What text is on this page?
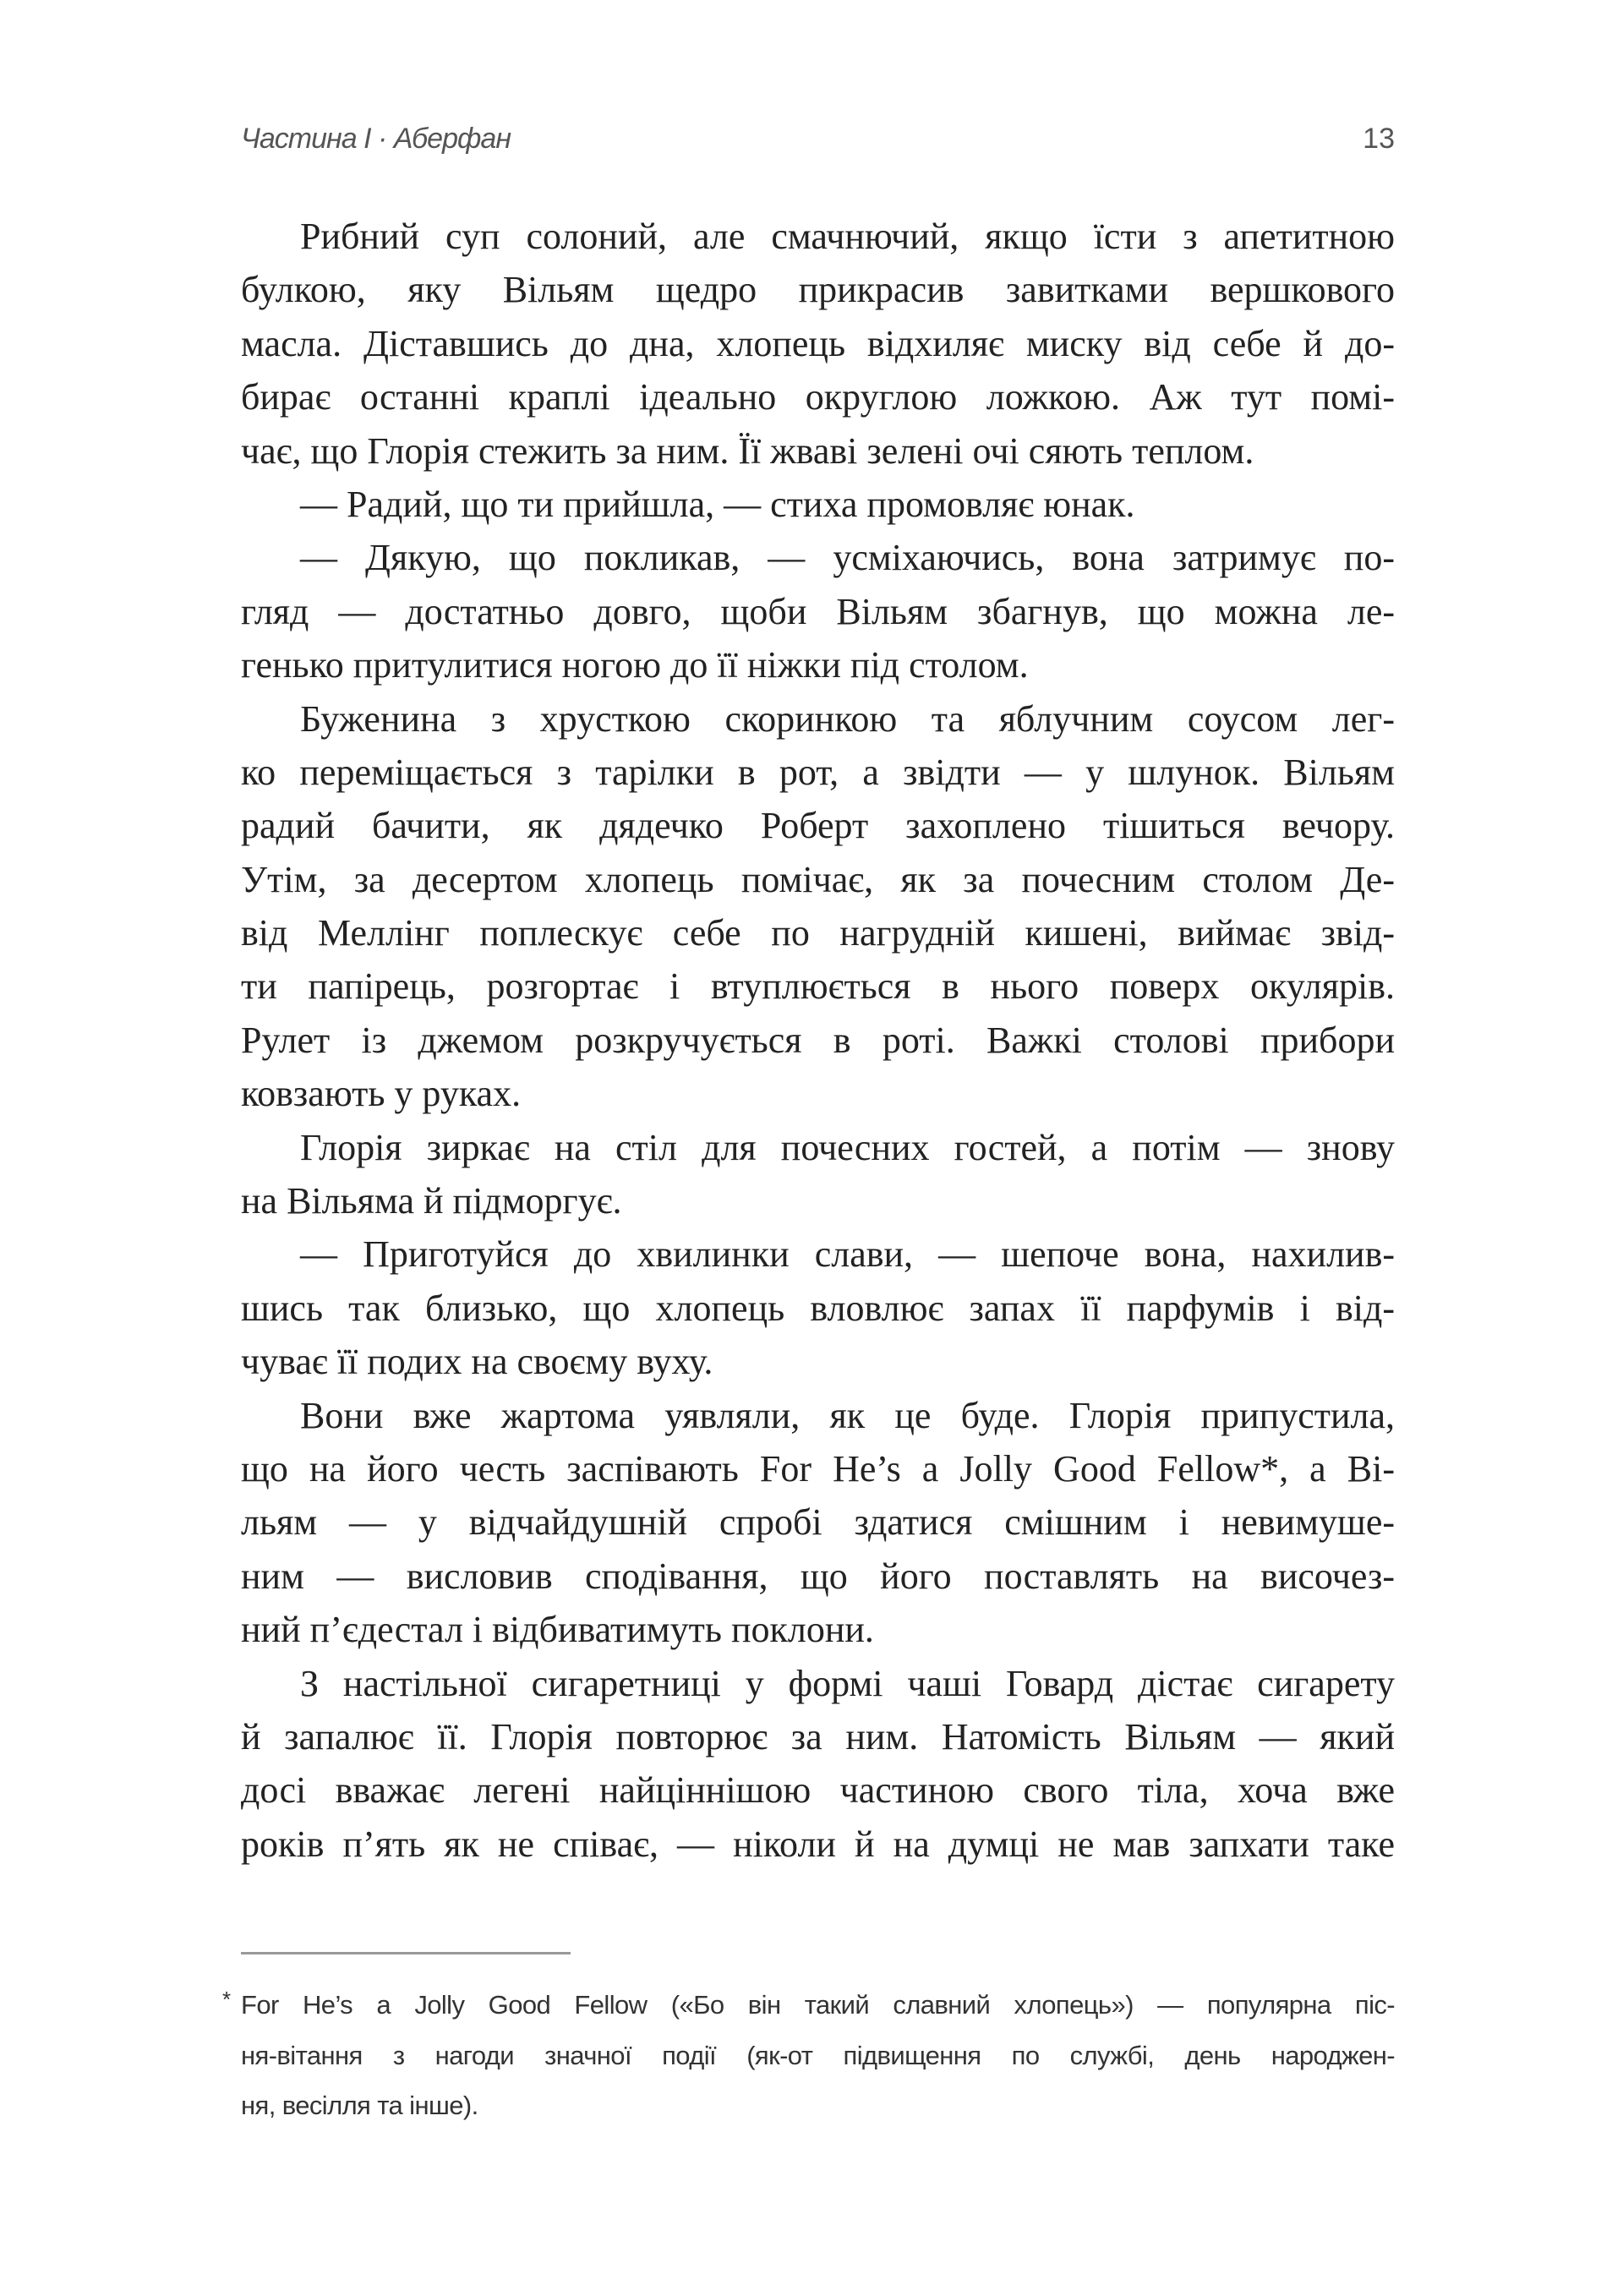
Частина I · Аберфан	13
Рибний суп солоний, але смачнючий, якщо їсти з апетитною
булкою, яку Вільям щедро прикрасив завитками вершкового
масла. Діставшись до дна, хлопець відхиляє миску від себе й до-
бирає останні краплі ідеально округлою ложкою. Аж тут помі-
чає, що Глорія стежить за ним. Її жваві зелені очі сяють теплом.
— Радий, що ти прийшла, — стиха промовляє юнак.
— Дякую, що покликав, — усміхаючись, вона затримує по-
гляд — достатньо довго, щоби Вільям збагнув, що можна ле-
генько притулитися ногою до її ніжки під столом.
Буженина з хрусткою скоринкою та яблучним соусом лег-
ко переміщається з тарілки в рот, а звідти — у шлунок. Вільям
радий бачити, як дядечко Роберт захоплено тішиться вечору.
Утім, за десертом хлопець помічає, як за почесним столом Де-
від Меллінг поплескує себе по нагрудній кишені, виймає звід-
ти папірець, розгортає і втуплюється в нього поверх окулярів.
Рулет із джемом розкручується в роті. Важкі столові прибори
ковзають у руках.
Глорія зиркає на стіл для почесних гостей, а потім — знову
на Вільяма й підморгує.
— Приготуйся до хвилинки слави, — шепоче вона, нахилив-
шись так близько, що хлопець вловлює запах її парфумів і від-
чуває її подих на своєму вуху.
Вони вже жартома уявляли, як це буде. Глорія припустила,
що на його честь заспівають For He’s a Jolly Good Fellow*, а Ві-
льям — у відчайдушній спробі здатися смішним і невимуше-
ним — висловив сподівання, що його поставлять на височез-
ний п’єдестал і відбиватимуть поклони.
З настільної сигаретниці у формі чаші Говард дістає сигарету
й запалює її. Глорія повторює за ним. Натомість Вільям — який
досі вважає легені найціннішою частиною свого тіла, хоча вже
років п’ять як не співає, — ніколи й на думці не мав запхати таке
* For He’s a Jolly Good Fellow («Бо він такий славний хлопець») — популярна піс-
ня-вітання з нагоди значної події (як-от підвищення по службі, день народжен-
ня, весілля та інше).
